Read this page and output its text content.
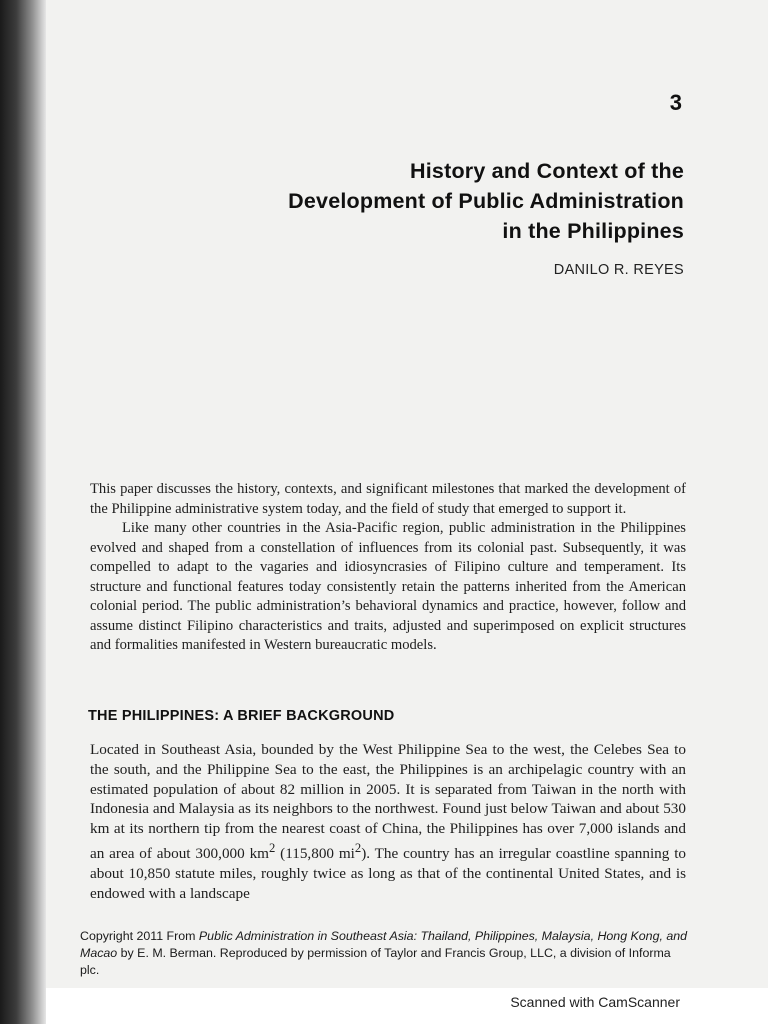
3
History and Context of the
Development of Public Administration
in the Philippines
DANILO R. REYES

This paper discusses the history, contexts, and significant milestones that marked the development of the Philippine administrative system today, and the field of study that emerged to support it.

Like many other countries in the Asia-Pacific region, public administration in the Philippines evolved and shaped from a constellation of influences from its colonial past. Subsequently, it was compelled to adapt to the vagaries and idiosyncrasies of Filipino culture and temperament. Its structure and functional features today consistently retain the patterns inherited from the American colonial period. The public administration’s behavioral dynamics and practice, however, follow and assume distinct Filipino characteristics and traits, adjusted and superimposed on explicit structures and formalities manifested in Western bureaucratic models.

THE PHILIPPINES: A BRIEF BACKGROUND

Located in Southeast Asia, bounded by the West Philippine Sea to the west, the Celebes Sea to the south, and the Philippine Sea to the east, the Philippines is an archipelagic country with an estimated population of about 82 million in 2005. It is separated from Taiwan in the north with Indonesia and Malaysia as its neighbors to the northwest. Found just below Taiwan and about 530 km at its northern tip from the nearest coast of China, the Philippines has over 7,000 islands and an area of about 300,000 $km^2$ (115,800 $mi^2$). The country has an irregular coastline spanning to about 10,850 statute miles, roughly twice as long as that of the continental United States, and is endowed with a landscape

Copyright 2011 From Public Administration in Southeast Asia: Thailand, Philippines, Malaysia, Hong Kong, and Macao by E. M. Berman. Reproduced by permission of Taylor and Francis Group, LLC, a division of Informa plc.
Scanned with CamScanner
